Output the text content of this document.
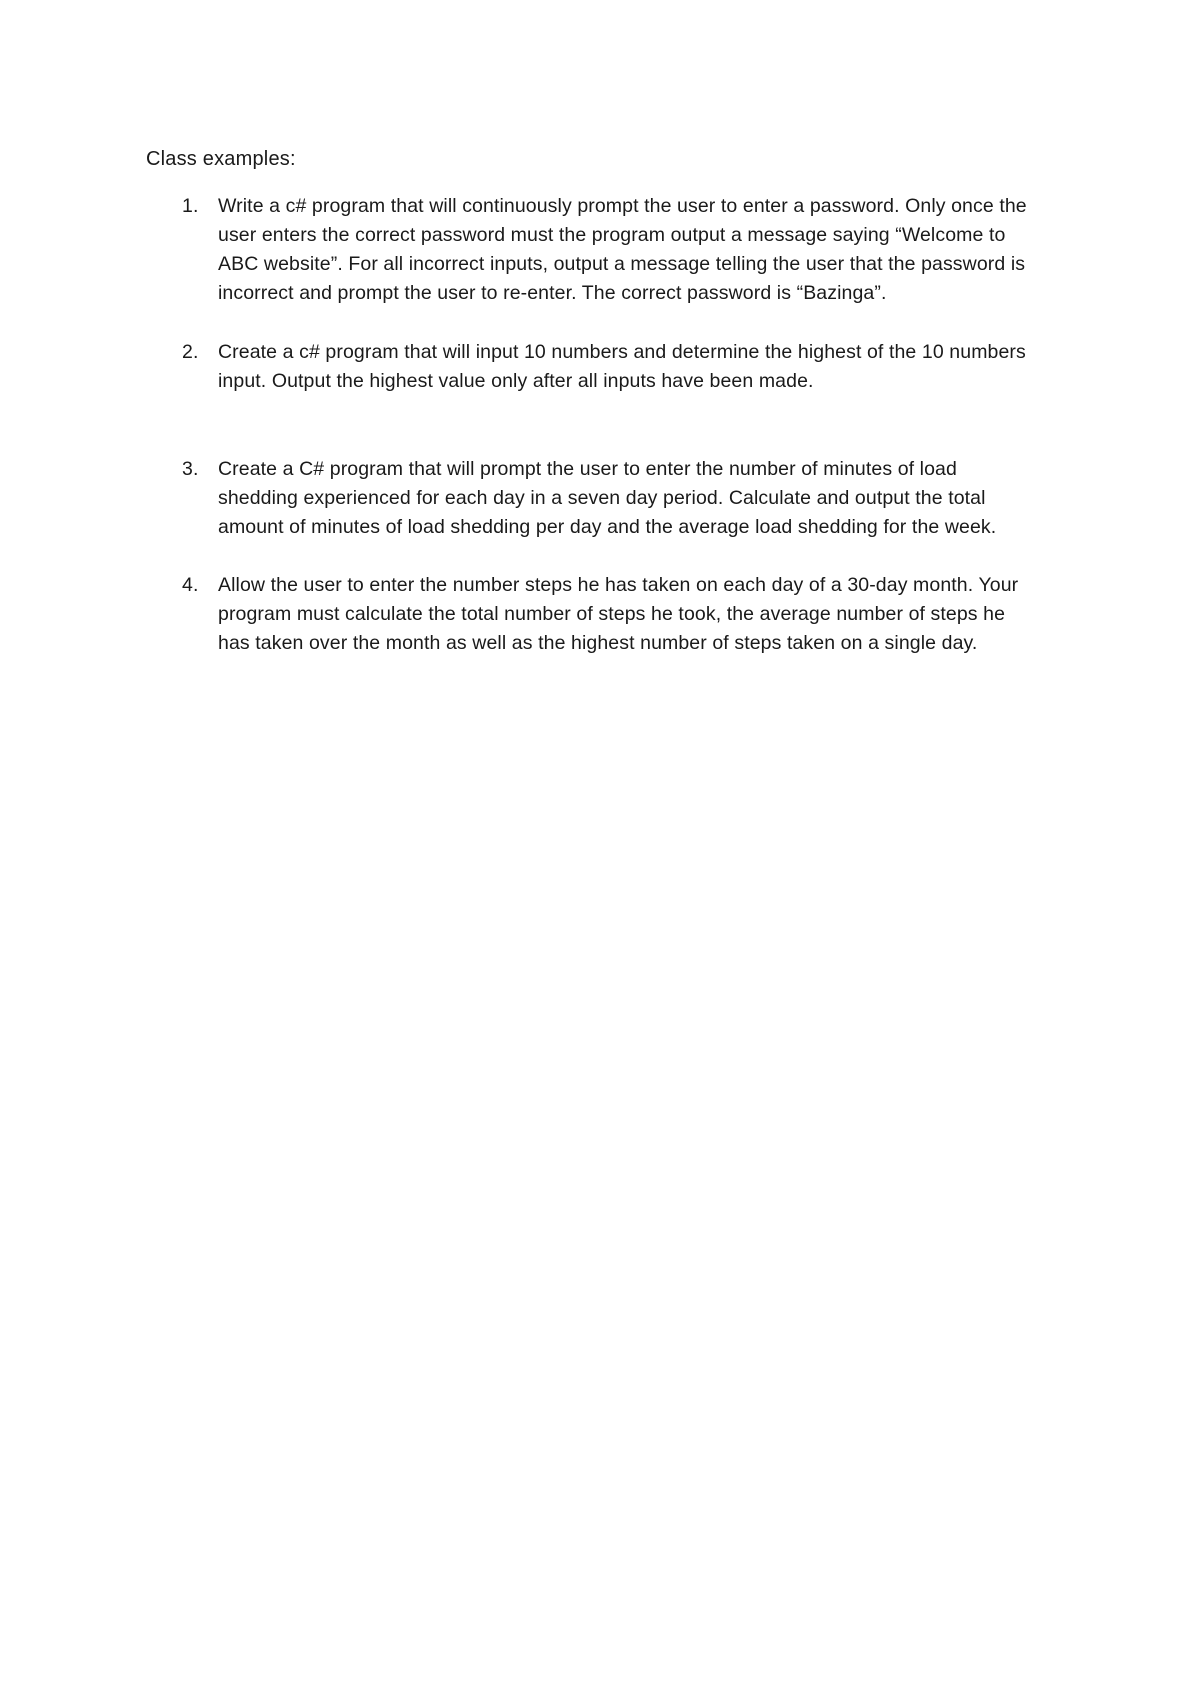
Class examples:
1.	Write a c# program that will continuously prompt the user to enter a password. Only once the user enters the correct password must the program output a message saying “Welcome to ABC website”. For all incorrect inputs, output a message telling the user that the password is incorrect and prompt the user to re-enter. The correct password is “Bazinga”.
2.	Create a c# program that will input 10 numbers and determine the highest of the 10 numbers input. Output the highest value only after all inputs have been made.
3.	Create a C# program that will prompt the user to enter the number of minutes of load shedding experienced for each day in a seven day period. Calculate and output the total amount of minutes of load shedding per day and the average load shedding for the week.
4.	Allow the user to enter the number steps he has taken on each day of a 30-day month. Your program must calculate the total number of steps he took, the average number of steps he has taken over the month as well as the highest number of steps taken on a single day.
